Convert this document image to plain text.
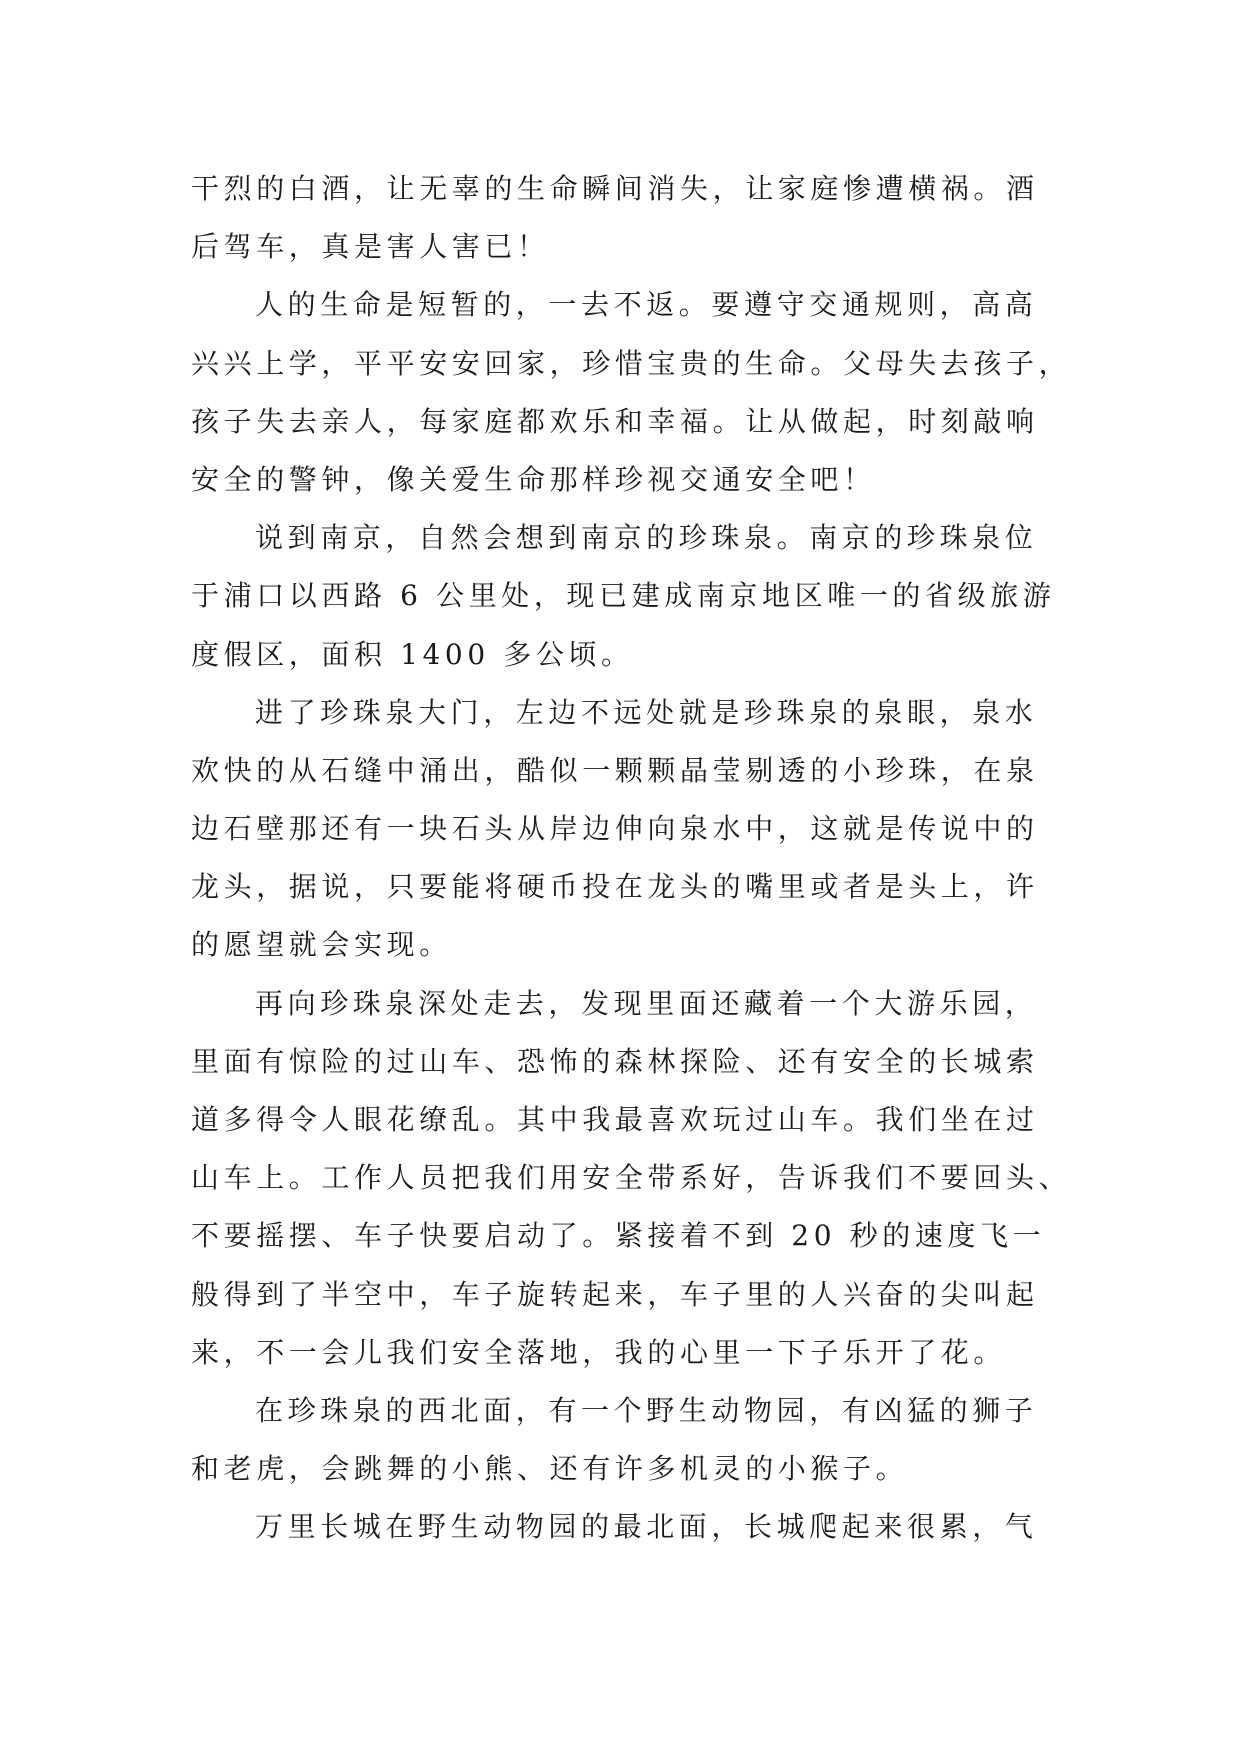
干烈的白酒，让无辜的生命瞬间消失，让家庭惨遭横祸。酒
后驾车，真是害人害已！
人的生命是短暂的，一去不返。要遵守交通规则，高高
兴兴上学，平平安安回家，珍惜宝贵的生命。父母失去孩子，
孩子失去亲人，每家庭都欢乐和幸福。让从做起，时刻敲响
安全的警钟，像关爱生命那样珍视交通安全吧！
说到南京，自然会想到南京的珍珠泉。南京的珍珠泉位
于浦口以西路 6 公里处，现已建成南京地区唯一的省级旅游
度假区，面积 1400 多公顷。
进了珍珠泉大门，左边不远处就是珍珠泉的泉眼，泉水
欢快的从石缝中涌出，酷似一颗颗晶莹剔透的小珍珠，在泉
边石壁那还有一块石头从岸边伸向泉水中，这就是传说中的
龙头，据说，只要能将硬币投在龙头的嘴里或者是头上，许
的愿望就会实现。
再向珍珠泉深处走去，发现里面还藏着一个大游乐园，
里面有惊险的过山车、恐怖的森林探险、还有安全的长城索
道多得令人眼花缭乱。其中我最喜欢玩过山车。我们坐在过
山车上。工作人员把我们用安全带系好，告诉我们不要回头、
不要摇摆、车子快要启动了。紧接着不到 20 秒的速度飞一
般得到了半空中，车子旋转起来，车子里的人兴奋的尖叫起
来，不一会儿我们安全落地，我的心里一下子乐开了花。
在珍珠泉的西北面，有一个野生动物园，有凶猛的狮子
和老虎，会跳舞的小熊、还有许多机灵的小猴子。
万里长城在野生动物园的最北面，长城爬起来很累，气
